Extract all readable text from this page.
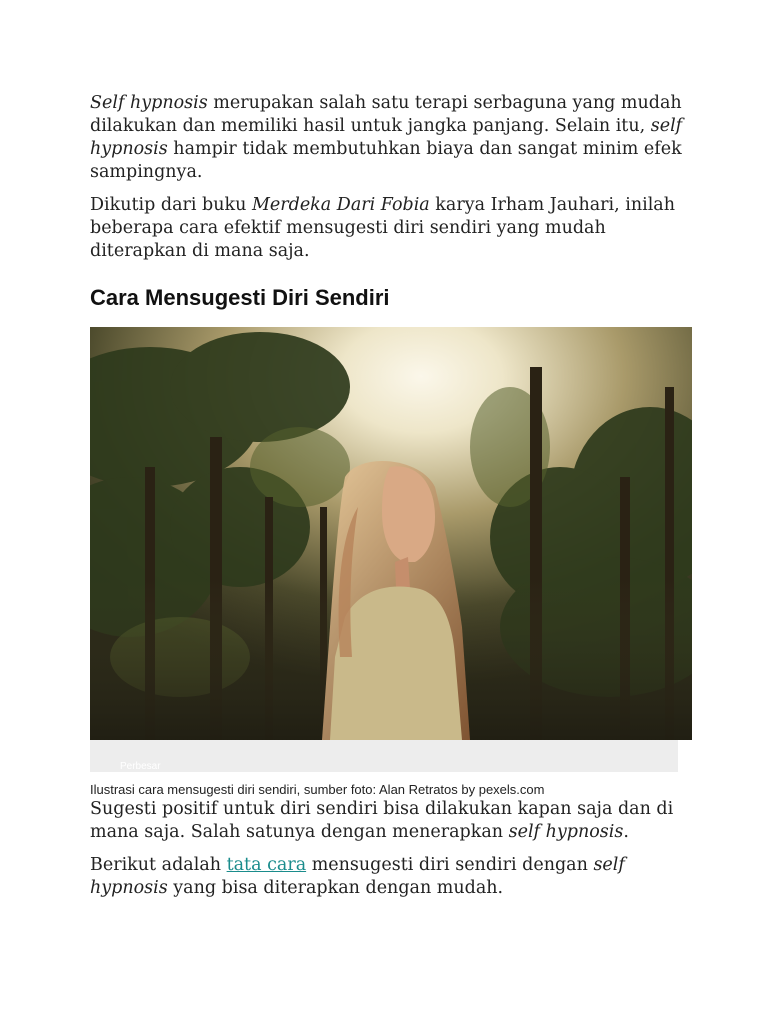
Self hypnosis merupakan salah satu terapi serbaguna yang mudah dilakukan dan memiliki hasil untuk jangka panjang. Selain itu, self hypnosis hampir tidak membutuhkan biaya dan sangat minim efek sampingnya.

Dikutip dari buku Merdeka Dari Fobia karya Irham Jauhari, inilah beberapa cara efektif mensugesti diri sendiri yang mudah diterapkan di mana saja.

Cara Mensugesti Diri Sendiri
Perbesar
Ilustrasi cara mensugesti diri sendiri, sumber foto: Alan Retratos by pexels.com

Sugesti positif untuk diri sendiri bisa dilakukan kapan saja dan di mana saja. Salah satunya dengan menerapkan self hypnosis.

Berikut adalah tata cara mensugesti diri sendiri dengan self hypnosis yang bisa diterapkan dengan mudah.
